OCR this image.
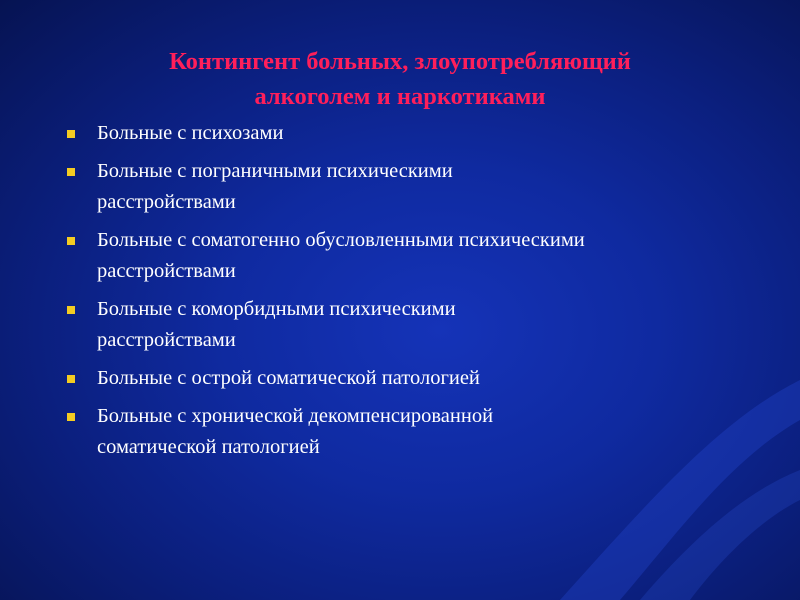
Контингент больных, злоупотребляющий
алкоголем и наркотиками
Больные с психозами
Больные с пограничными психическими
расстройствами
Больные с соматогенно обусловленными психическими
расстройствами
Больные с коморбидными психическими
расстройствами
Больные с острой соматической патологией
Больные с хронической декомпенсированной
соматической патологией
